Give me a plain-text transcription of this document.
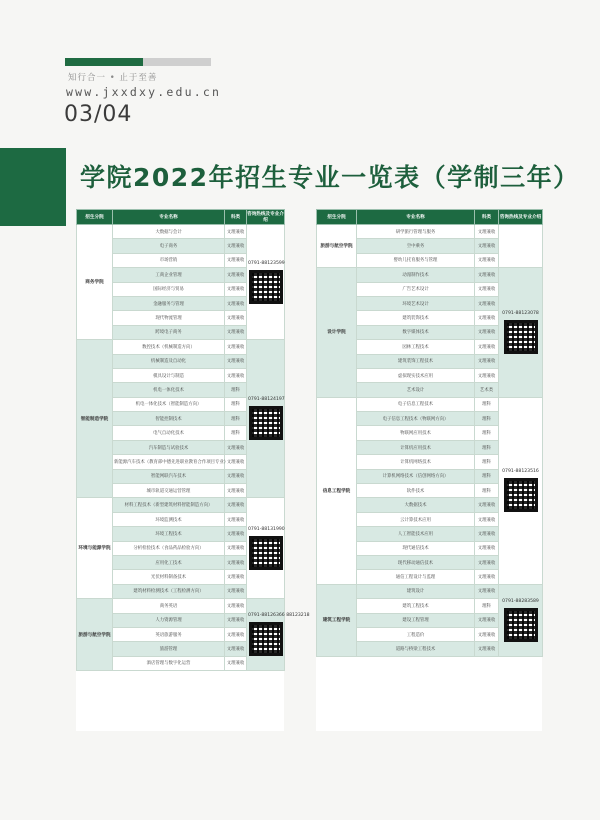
知行合一 • 止于至善
www.jxxdxy.edu.cn
03/04
学院2022年招生专业一览表（学制三年）
招生分院	专业名称	科类	咨询热线及专业介绍
商务学院	大数据与会计	文理兼收	0791-88123599

	电子商务	文理兼收	
	市场营销	文理兼收	
	工商企业管理	文理兼收	
	国际经济与贸易	文理兼收	
	金融服务与管理	文理兼收	
	现代物流管理	文理兼收	
	跨境电子商务	文理兼收	
智能制造学院	数控技术（机械制造方向）	文理兼收	0791-88124197

	机械制造及自动化	文理兼收	
	模具设计与制造	文理兼收	
	机电一体化技术	理科	
	机电一体化技术（智能制造方向）	理科	
	智能控制技术	理科	
	电气自动化技术	理科	
	汽车制造与试验技术	文理兼收	
	新能源汽车技术（教育部中德先进职业教育合作项目专业）	文理兼收	
	智能网联汽车技术	文理兼收	
	城市轨道交通运营管理	文理兼收	
环境与能源学院	材料工程技术（新型建筑材料智能制造方向）	文理兼收	0791-88131990

	环境监测技术	文理兼收	
	环境工程技术	文理兼收	
	分析检验技术（食品药品检验方向）	文理兼收	
	应用化工技术	文理兼收	
	光伏材料制备技术	文理兼收	
	建筑材料检测技术（工程检测方向）	文理兼收	
旅游与航空学院	商务英语	文理兼收	0791-88126366 88123218

	人力资源管理	文理兼收	
	英语旅游服务	文理兼收	
	旅游管理	文理兼收	
	酒店管理与数字化运营	文理兼收	
招生分院	专业名称	科类	咨询热线及专业介绍
旅游与航空学院	研学旅行管理与服务	文理兼收	
	空中乘务	文理兼收	
	婴幼儿托育服务与管理	文理兼收	
设计学院	动漫制作技术	文理兼收	0791-88123078

	广告艺术设计	文理兼收	
	环境艺术设计	文理兼收	
	建筑装饰技术	文理兼收	
	数字媒体技术	文理兼收	
	园林工程技术	文理兼收	
	建筑装饰工程技术	文理兼收	
	虚拟现实技术应用	文理兼收	
	艺术设计	艺术类	
信息工程学院	电子信息工程技术	理科	0791-88123516

	电子信息工程技术（物联网方向）	理科	
	物联网应用技术	理科	
	计算机应用技术	理科	
	计算机网络技术	理科	
	计算机网络技术（信创网络方向）	理科	
	软件技术	理科	
	大数据技术	文理兼收	
	云计算技术应用	文理兼收	
	人工智能技术应用	文理兼收	
	现代通信技术	文理兼收	
	现代移动通信技术	文理兼收	
	通信工程设计与监理	文理兼收	
建筑工程学院	建筑设计	文理兼收	0791-88283589

	建筑工程技术	理科	
	建设工程管理	文理兼收	
	工程造价	文理兼收	
	道路与桥梁工程技术	文理兼收	
